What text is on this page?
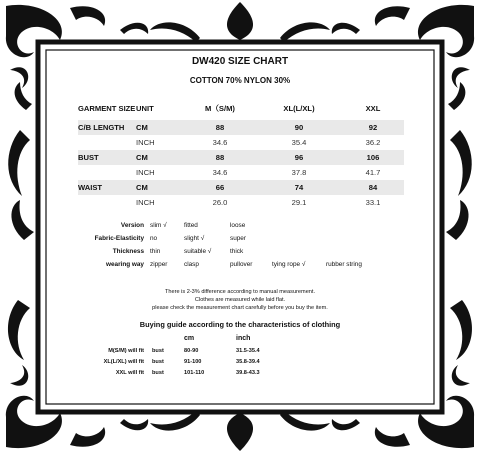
DW420 SIZE CHART
COTTON 70% NYLON 30%
GARMENT SIZE	UNIT	M（S/M)	XL(L/XL)	XXL
C/B LENGTH	CM	88	90	92
	INCH	34.6	35.4	36.2
BUST	CM	88	96	106
	INCH	34.6	37.8	41.7
WAIST	CM	66	74	84
	INCH	26.0	29.1	33.1
Version slim √	fitted	loose
Fabric-Elasticity no	slight √	super
Thickness thin	suitable √	thick
wearing way zipper	clasp	pullover	tying rope √	rubber string
There is 2-3% difference according to manual measurement.
Clothes are measured while laid flat.
please check the measurement chart carefully before you buy the item.
Buying guide according to the characteristics of clothing
		cm	inch
M(S/M) will fit	bust	80-90	31.5-35.4
XL(L/XL) will fit	bust	91-100	35.8-39.4
XXL will fit	bust	101-110	39.8-43.3
